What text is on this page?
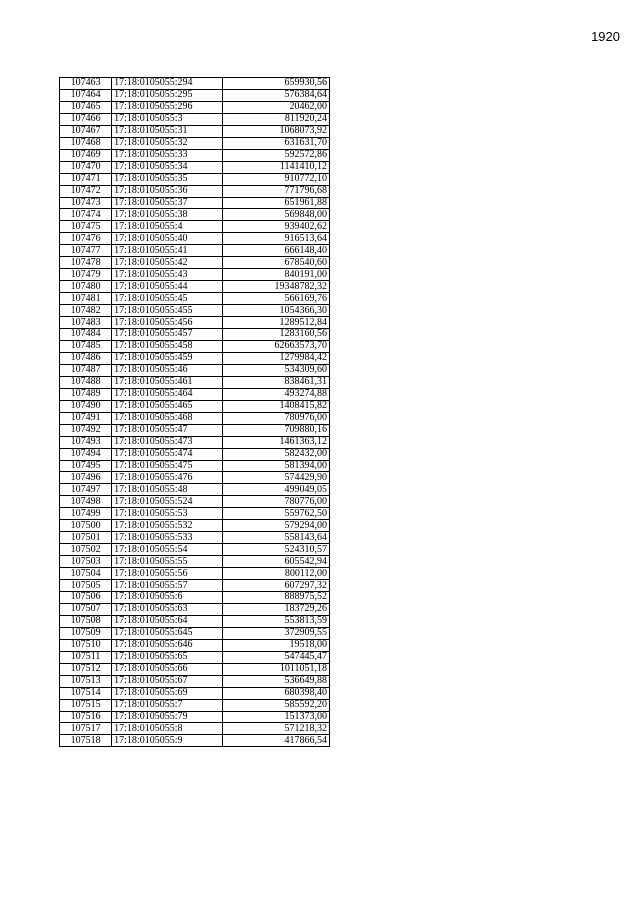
1920
107463	17:18:0105055:294	659930,56
107464	17:18:0105055:295	576384,64
107465	17:18:0105055:296	20462,00
107466	17:18:0105055:3	811920,24
107467	17:18:0105055:31	1068073,92
107468	17:18:0105055:32	631631,70
107469	17:18:0105055:33	592572,86
107470	17:18:0105055:34	1141410,12
107471	17:18:0105055:35	910772,10
107472	17:18:0105055:36	771796,68
107473	17:18:0105055:37	651961,88
107474	17:18:0105055:38	569848,00
107475	17:18:0105055:4	939402,62
107476	17:18:0105055:40	916513,64
107477	17:18:0105055:41	666148,40
107478	17:18:0105055:42	678540,60
107479	17:18:0105055:43	840191,00
107480	17:18:0105055:44	19348782,32
107481	17:18:0105055:45	566169,76
107482	17:18:0105055:455	1054366,30
107483	17:18:0105055:456	1289512,84
107484	17:18:0105055:457	1283160,56
107485	17:18:0105055:458	62663573,70
107486	17:18:0105055:459	1279984,42
107487	17:18:0105055:46	534309,60
107488	17:18:0105055:461	838461,31
107489	17:18:0105055:464	493274,88
107490	17:18:0105055:465	1408415,82
107491	17:18:0105055:468	780976,00
107492	17:18:0105055:47	709880,16
107493	17:18:0105055:473	1461363,12
107494	17:18:0105055:474	582432,00
107495	17:18:0105055:475	581394,00
107496	17:18:0105055:476	574429,90
107497	17:18:0105055:48	499049,05
107498	17:18:0105055:524	780776,00
107499	17:18:0105055:53	559762,50
107500	17:18:0105055:532	579294,00
107501	17:18:0105055:533	558143,64
107502	17:18:0105055:54	524310,57
107503	17:18:0105055:55	605542,94
107504	17:18:0105055:56	800112,00
107505	17:18:0105055:57	607297,32
107506	17:18:0105055:6	888975,52
107507	17:18:0105055:63	183729,26
107508	17:18:0105055:64	553813,59
107509	17:18:0105055:645	372909,55
107510	17:18:0105055:646	19518,00
107511	17:18:0105055:65	547445,47
107512	17:18:0105055:66	1011051,18
107513	17:18:0105055:67	536649,88
107514	17:18:0105055:69	680398,40
107515	17:18:0105055:7	585592,20
107516	17:18:0105055:79	151373,00
107517	17:18:0105055:8	571218,32
107518	17:18:0105055:9	417866,54
